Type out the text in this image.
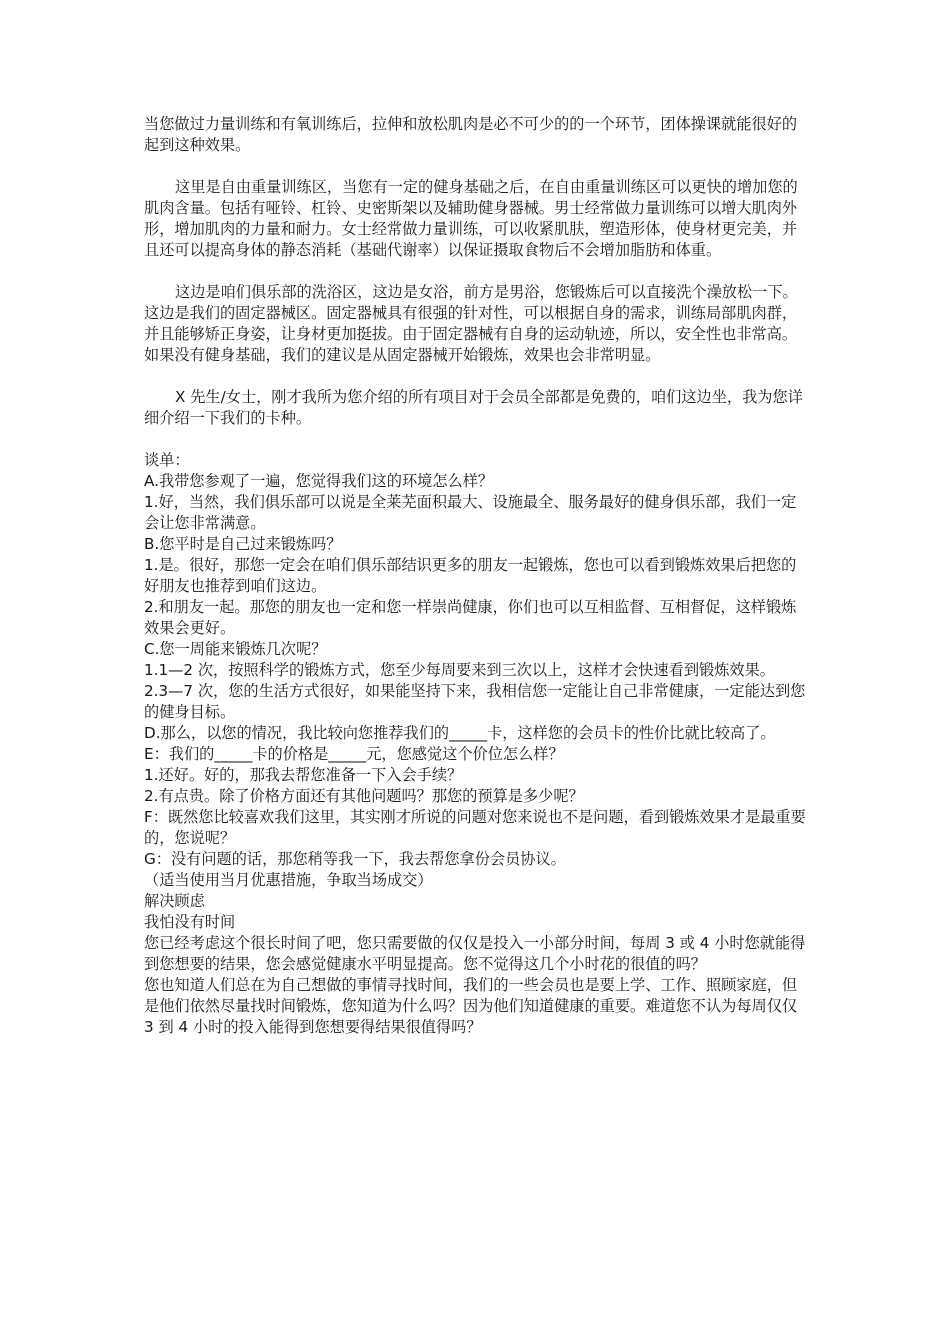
当您做过力量训练和有氧训练后，拉伸和放松肌肉是必不可少的的一个环节，团体操课就能很好的起到这种效果。

这里是自由重量训练区，当您有一定的健身基础之后，在自由重量训练区可以更快的增加您的肌肉含量。包括有哑铃、杠铃、史密斯架以及辅助健身器械。男士经常做力量训练可以增大肌肉外形，增加肌肉的力量和耐力。女士经常做力量训练，可以收紧肌肤，塑造形体，使身材更完美，并且还可以提高身体的静态消耗（基础代谢率）以保证摄取食物后不会增加脂肪和体重。

这边是咱们俱乐部的洗浴区，这边是女浴，前方是男浴，您锻炼后可以直接洗个澡放松一下。

这边是我们的固定器械区。固定器械具有很强的针对性，可以根据自身的需求，训练局部肌肉群，并且能够矫正身姿，让身材更加挺拔。由于固定器械有自身的运动轨迹，所以，安全性也非常高。如果没有健身基础，我们的建议是从固定器械开始锻炼，效果也会非常明显。

X 先生/女士，刚才我所为您介绍的所有项目对于会员全部都是免费的，咱们这边坐，我为您详细介绍一下我们的卡种。

谈单：

A.我带您参观了一遍，您觉得我们这的环境怎么样？

1.好，当然，我们俱乐部可以说是全莱芜面积最大、设施最全、服务最好的健身俱乐部，我们一定会让您非常满意。

B.您平时是自己过来锻炼吗？

1.是。很好，那您一定会在咱们俱乐部结识更多的朋友一起锻炼，您也可以看到锻炼效果后把您的好朋友也推荐到咱们这边。

2.和朋友一起。那您的朋友也一定和您一样崇尚健康，你们也可以互相监督、互相督促，这样锻炼效果会更好。

C.您一周能来锻炼几次呢？

1.1—2 次，按照科学的锻炼方式，您至少每周要来到三次以上，这样才会快速看到锻炼效果。

2.3—7 次，您的生活方式很好，如果能坚持下来，我相信您一定能让自己非常健康，一定能达到您的健身目标。

D.那么，以您的情况，我比较向您推荐我们的_____卡，这样您的会员卡的性价比就比较高了。

E：我们的_____卡的价格是_____元，您感觉这个价位怎么样？

1.还好。好的，那我去帮您准备一下入会手续？

2.有点贵。除了价格方面还有其他问题吗？那您的预算是多少呢？

F：既然您比较喜欢我们这里，其实刚才所说的问题对您来说也不是问题，看到锻炼效果才是最重要的，您说呢？

G：没有问题的话，那您稍等我一下，我去帮您拿份会员协议。

（适当使用当月优惠措施，争取当场成交）

解决顾虑

我怕没有时间

您已经考虑这个很长时间了吧，您只需要做的仅仅是投入一小部分时间，每周 3 或 4 小时您就能得到您想要的结果，您会感觉健康水平明显提高。您不觉得这几个小时花的很值的吗？

您也知道人们总在为自己想做的事情寻找时间，我们的一些会员也是要上学、工作、照顾家庭，但是他们依然尽量找时间锻炼，您知道为什么吗？因为他们知道健康的重要。难道您不认为每周仅仅 3 到 4 小时的投入能得到您想要得结果很值得吗？
